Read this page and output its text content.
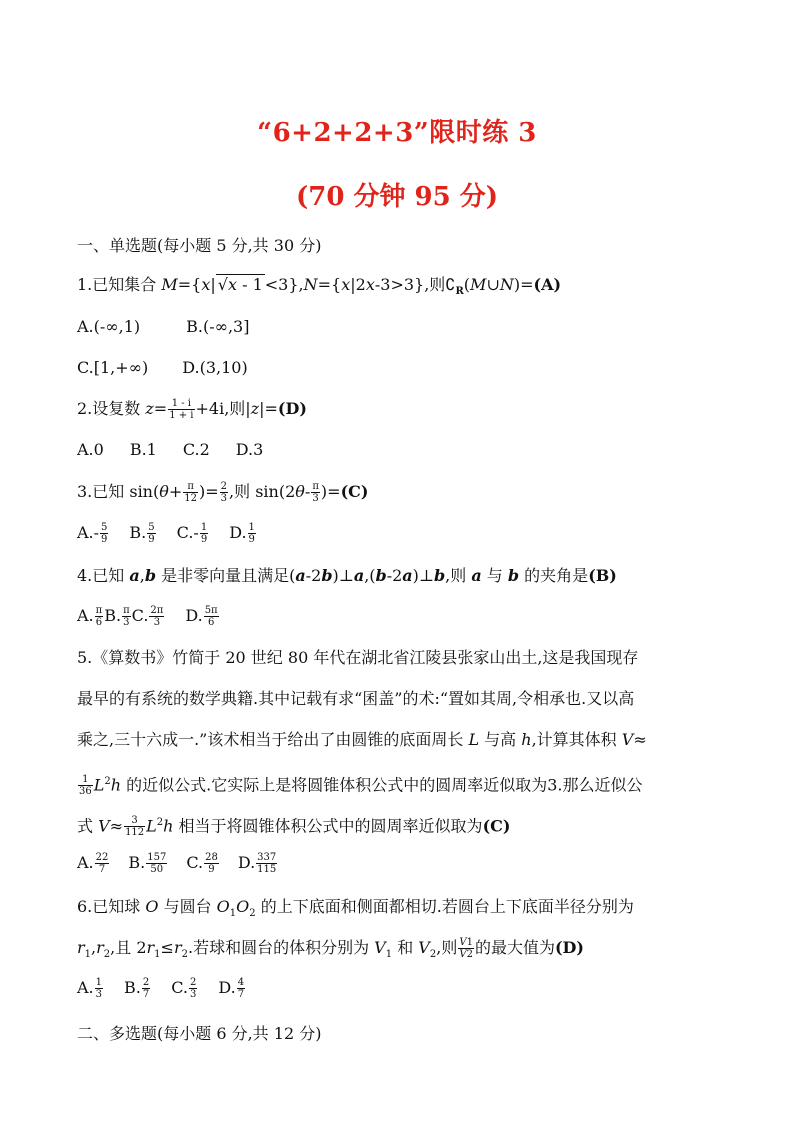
“6+2+2+3”限时练 3
(70 分钟 95 分)
一、单选题(每小题 5 分,共 30 分)
1.已知集合 M={x| √x - 1 <3},N={x|2x-3>3},则$∁_R(M\cup N)=(A)$
A.(-∞,1)	B.(-∞,3]
C.[1,+∞) D.(3,10)
2.设复数 $z= \frac{1 - i}{1 + i} +4i$,则|z|=(D)
A.0 B.1 C.2 D.3
3.已知 $\sin(\theta+ \frac{\pi}{12}$ )= $\frac{2}{3}$ ,则 $\sin(2\theta- \frac{\pi}{3} )=(C)$
$A.- \frac{5}{9} B$. $\frac{5}{9} C.- \frac{1}{9} D$. $\frac{1}{9}$
4.已知 a,b 是非零向量且满足(a-2b)⊥a,(b-2a)⊥b,则 a 与 b 的夹角是(B)
A. $\frac{\pi}{6} B$. $\frac{\pi}{3} C$. $\frac{2\pi}{3} D$. $\frac{5\pi}{6}$
5.《算数书》竹简于 20 世纪 80 年代在湖北省江陵县张家山出土,这是我国现存
最早的有系统的数学典籍.其中记载有求“囷盖”的术:“置如其周,令相承也.又以高
乘之,三十六成一.”该术相当于给出了由圆锥的底面周长 L 与高 h,计算其体积 V≈
$\frac{1}{36} L^2h$ 的近似公式.它实际上是将圆锥体积公式中的圆周率近似取为3.那么近似公
式 $V\approx \frac{3}{112} L^2h$ 相当于将圆锥体积公式中的圆周率近似取为(C)
A. $\frac{22}{7} B$. $\frac{157}{50} C$. $\frac{28}{9} D$. $\frac{337}{115}$
6.已知球 O 与圆台 $O_1O_2$ 的上下底面和侧面都相切.若圆台上下底面半径分别为
$r_1,r_2$,且 $2r_1\le r_2$.若球和圆台的体积分别为 $V_1$ 和 $V_2$,则 $\frac{V1}{V2}$ 的最大值为(D)
A. $\frac{1}{3} B$. $\frac{2}{7} C$. $\frac{2}{3} D$. $\frac{4}{7}$
二、多选题(每小题 6 分,共 12 分)
